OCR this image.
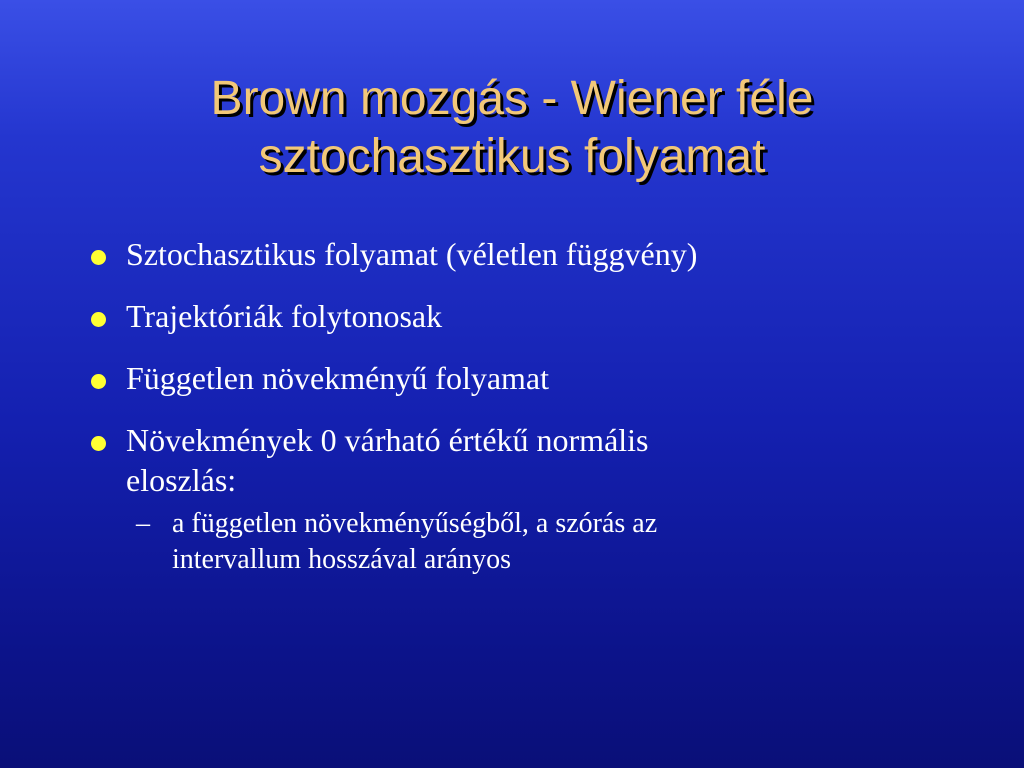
Brown mozgás - Wiener féle
sztochasztikus folyamat
Sztochasztikus folyamat (véletlen függvény)
Trajektóriák folytonosak
Független növekményű folyamat
Növekmények 0 várható értékű normális
eloszlás:
– a független növekményűségből, a szórás az
intervallum hosszával arányos
